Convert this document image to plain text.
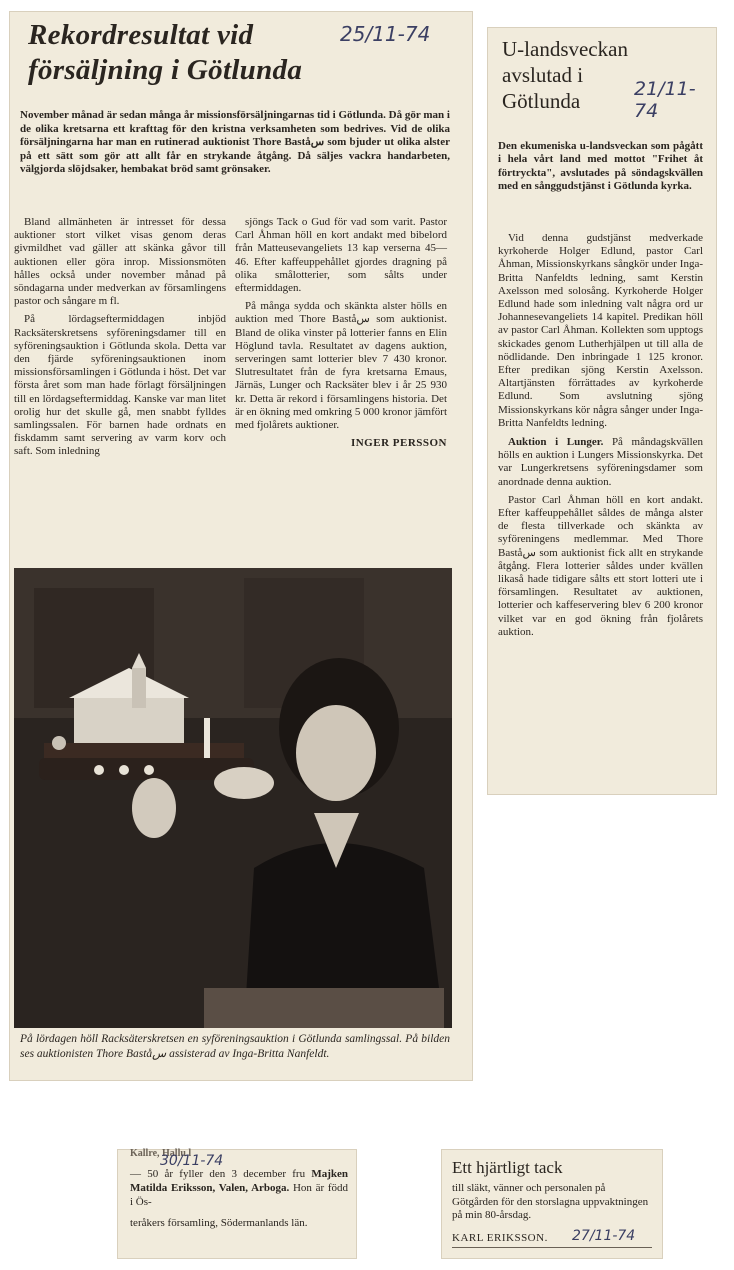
Rekordresultat vid försäljning i Götlunda
25/11-74
November månad är sedan många år missionsförsäljningarnas tid i Götlunda. Då gör man i de olika kretsarna ett krafttag för den kristna verksamheten som bedrives. Vid de olika försäljningarna har man en rutinerad auktionist Thore Baståس som bjuder ut olika alster på ett sätt som gör att allt får en strykande åtgång. Då säljes vackra handarbeten, välgjorda slöjdsaker, hembakat bröd samt grönsaker.

Bland allmänheten är intresset för dessa auktioner stort vilket visas genom deras givmildhet vad gäller att skänka gåvor till auktionen eller göra inrop. Missionsmöten hålles också under november månad på söndagarna under medverkan av församlingens pastor och sångare m fl.

På lördagseftermiddagen inbjöd Racksäterskretsens syföreningsdamer till en syföreningsauktion i Götlunda skola. Detta var den fjärde syföreningsauktionen inom missionsförsamlingen i Götlunda i höst. Det var första året som man hade förlagt försäljningen till en lördagseftermiddag. Kanske var man litet orolig hur det skulle gå, men snabbt fylldes samlingssalen. För barnen hade ordnats en fiskdamm samt servering av varm korv och saft. Som inledning

sjöngs Tack o Gud för vad som varit. Pastor Carl Åhman höll en kort andakt med bibelord från Matteusevangeliets 13 kap verserna 45—46. Efter kaffeuppehållet gjordes dragning på olika smålotterier, som sålts under eftermiddagen.

På många sydda och skänkta alster hölls en auktion med Thore Baståس som auktionist. Bland de olika vinster på lotterier fanns en Elin Höglund tavla. Resultatet av dagens auktion, serveringen samt lotterier blev 7 430 kronor. Slutresultatet från de fyra kretsarna Emaus, Järnäs, Lunger och Racksäter blev i år 25 930 kr. Detta är rekord i församlingens historia. Det är en ökning med omkring 5 000 kronor jämfört med fjolårets auktioner.

INGER PERSSON
På lördagen höll Racksäterskretsen en syföreningsauktion i Götlunda samlingssal. På bilden ses auktionisten Thore Baståس assisterad av Inga-Britta Nanfeldt.
U-landsveckan avslutad i Götlunda	21/11-74
Den ekumeniska u-landsveckan som pågått i hela vårt land med mottot "Frihet åt förtryckta", avslutades på söndagskvällen med en sånggudstjänst i Götlunda kyrka.

Vid denna gudstjänst medverkade kyrkoherde Holger Edlund, pastor Carl Åhman, Missionskyrkans sångkör under Inga-Britta Nanfeldts ledning, samt Kerstin Axelsson med solosång. Kyrkoherde Holger Edlund hade som inledning valt några ord ur Johannesevangeliets 14 kapitel. Predikan höll av pastor Carl Åhman. Kollekten som upptogs skickades genom Lutherhjälpen ut till alla de nödlidande. Den inbringade 1 125 kronor. Efter predikan sjöng Kerstin Axelsson. Altartjänsten förrättades av kyrkoherde Edlund. Som avslutning sjöng Missionskyrkans kör några sånger under Inga-Britta Nanfeldts ledning.

Auktion i Lunger. På måndagskvällen hölls en auktion i Lungers Missionskyrka. Det var Lungerkretsens syföreningsdamer som anordnade denna auktion.

Pastor Carl Åhman höll en kort andakt. Efter kaffeuppehållet såldes de många alster de flesta tillverkade och skänkta av syföreningens medlemmar. Med Thore Baståس som auktionist fick allt en strykande åtgång. Flera lotterier såldes under kvällen likaså hade tidigare sålts ett stort lotteri ute i församlingen. Resultatet av auktionen, lotterier och kaffeservering blev 6 200 kronor vilket var en god ökning från fjolårets auktion.

Kallre, Hallu l
30/11-74
— 50 år fyller den 3 december fru Majken Matilda Eriksson, Valen, Arboga. Hon är född i Ös-
teråkers församling, Södermanlands län.
Ett hjärtligt tack
till släkt, vänner och personalen på Götgården för den storslagna uppvaktningen på min 80-årsdag.
KARL ERIKSSON. 27/11-74
